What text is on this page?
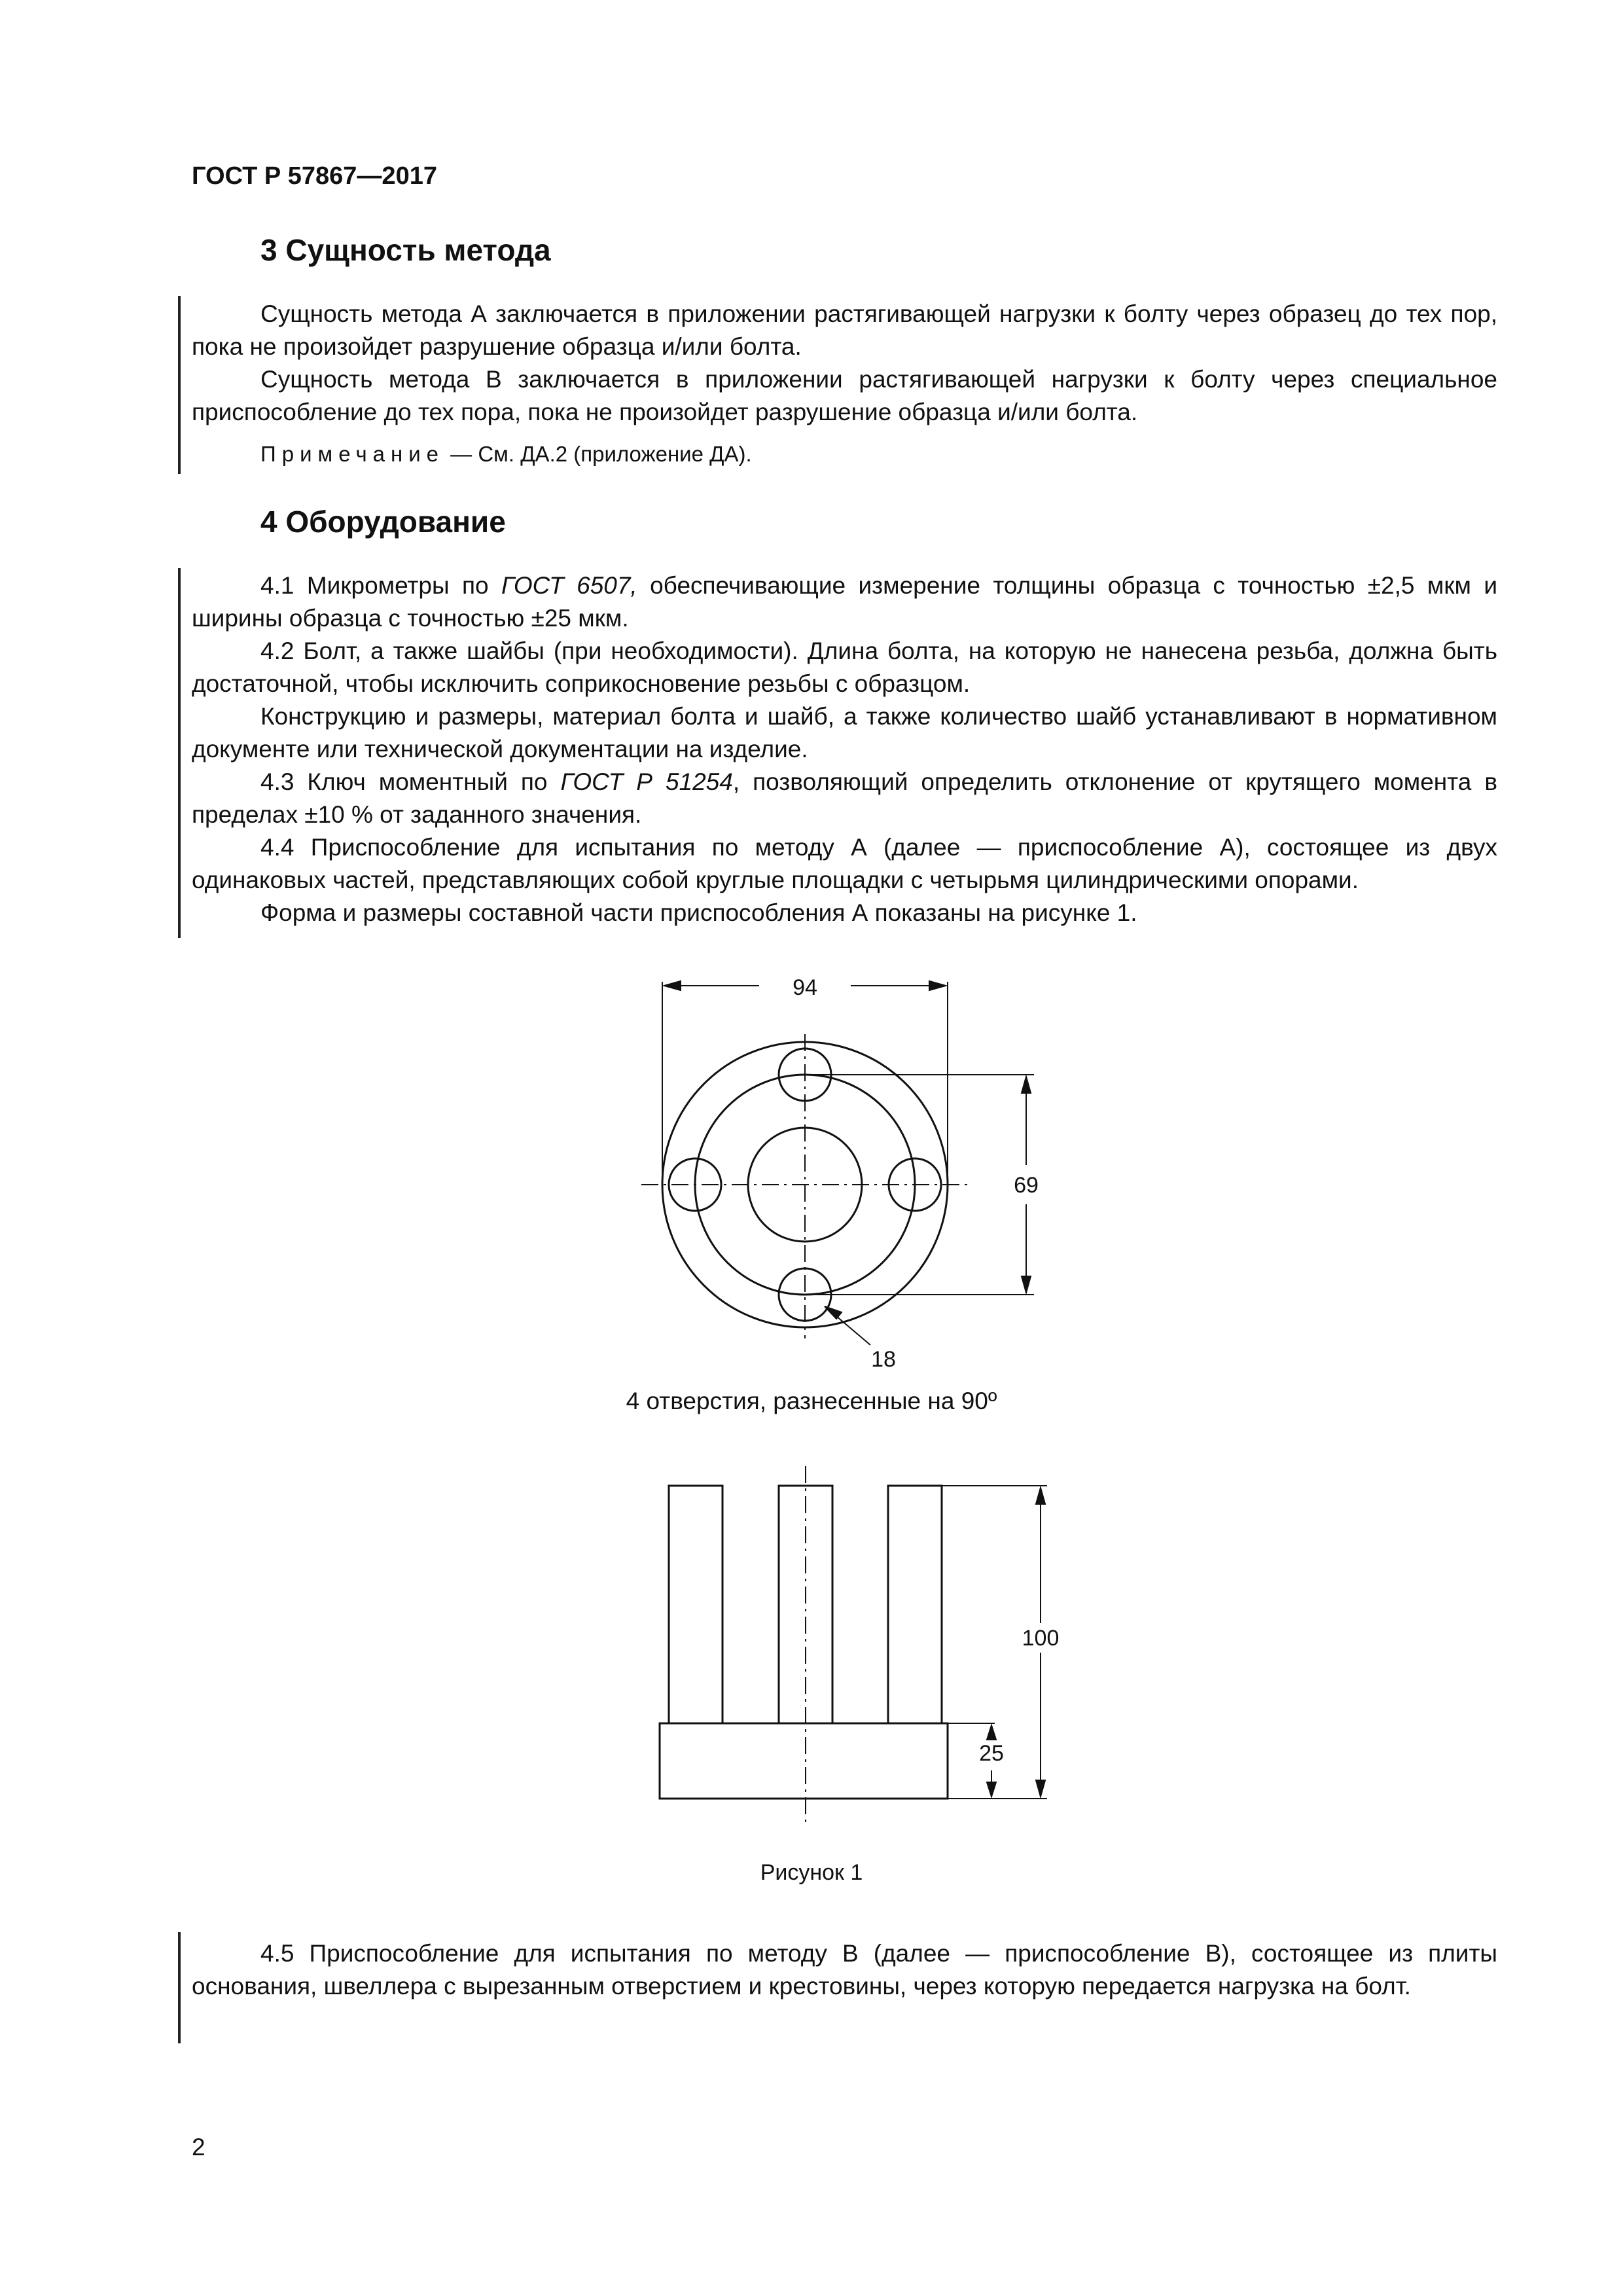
ГОСТ Р 57867—2017
3 Сущность метода

Сущность метода А заключается в приложении растягивающей нагрузки к болту через образец до тех пор, пока не произойдет разрушение образца и/или болта.

Сущность метода В заключается в приложении растягивающей нагрузки к болту через специальное приспособление до тех пора, пока не произойдет разрушение образца и/или болта.

Примечание — См. ДА.2 (приложение ДА).
4 Оборудование

4.1 Микрометры по ГОСТ 6507, обеспечивающие измерение толщины образца с точностью ±2,5 мкм и ширины образца с точностью ±25 мкм.

4.2 Болт, а также шайбы (при необходимости). Длина болта, на которую не нанесена резьба, должна быть достаточной, чтобы исключить соприкосновение резьбы с образцом.

Конструкцию и размеры, материал болта и шайб, а также количество шайб устанавливают в нормативном документе или технической документации на изделие.

4.3 Ключ моментный по ГОСТ Р 51254, позволяющий определить отклонение от крутящего момента в пределах ±10 % от заданного значения.

4.4 Приспособление для испытания по методу А (далее — приспособление А), состоящее из двух одинаковых частей, представляющих собой круглые площадки с четырьмя цилиндрическими опорами.

Форма и размеры составной части приспособления А показаны на рисунке 1.

94
69
18
4 отверстия, разнесенные на 90º
100
25
Рисунок 1

4.5 Приспособление для испытания по методу В (далее — приспособление В), состоящее из плиты основания, швеллера с вырезанным отверстием и крестовины, через которую передается нагрузка на болт.

2
